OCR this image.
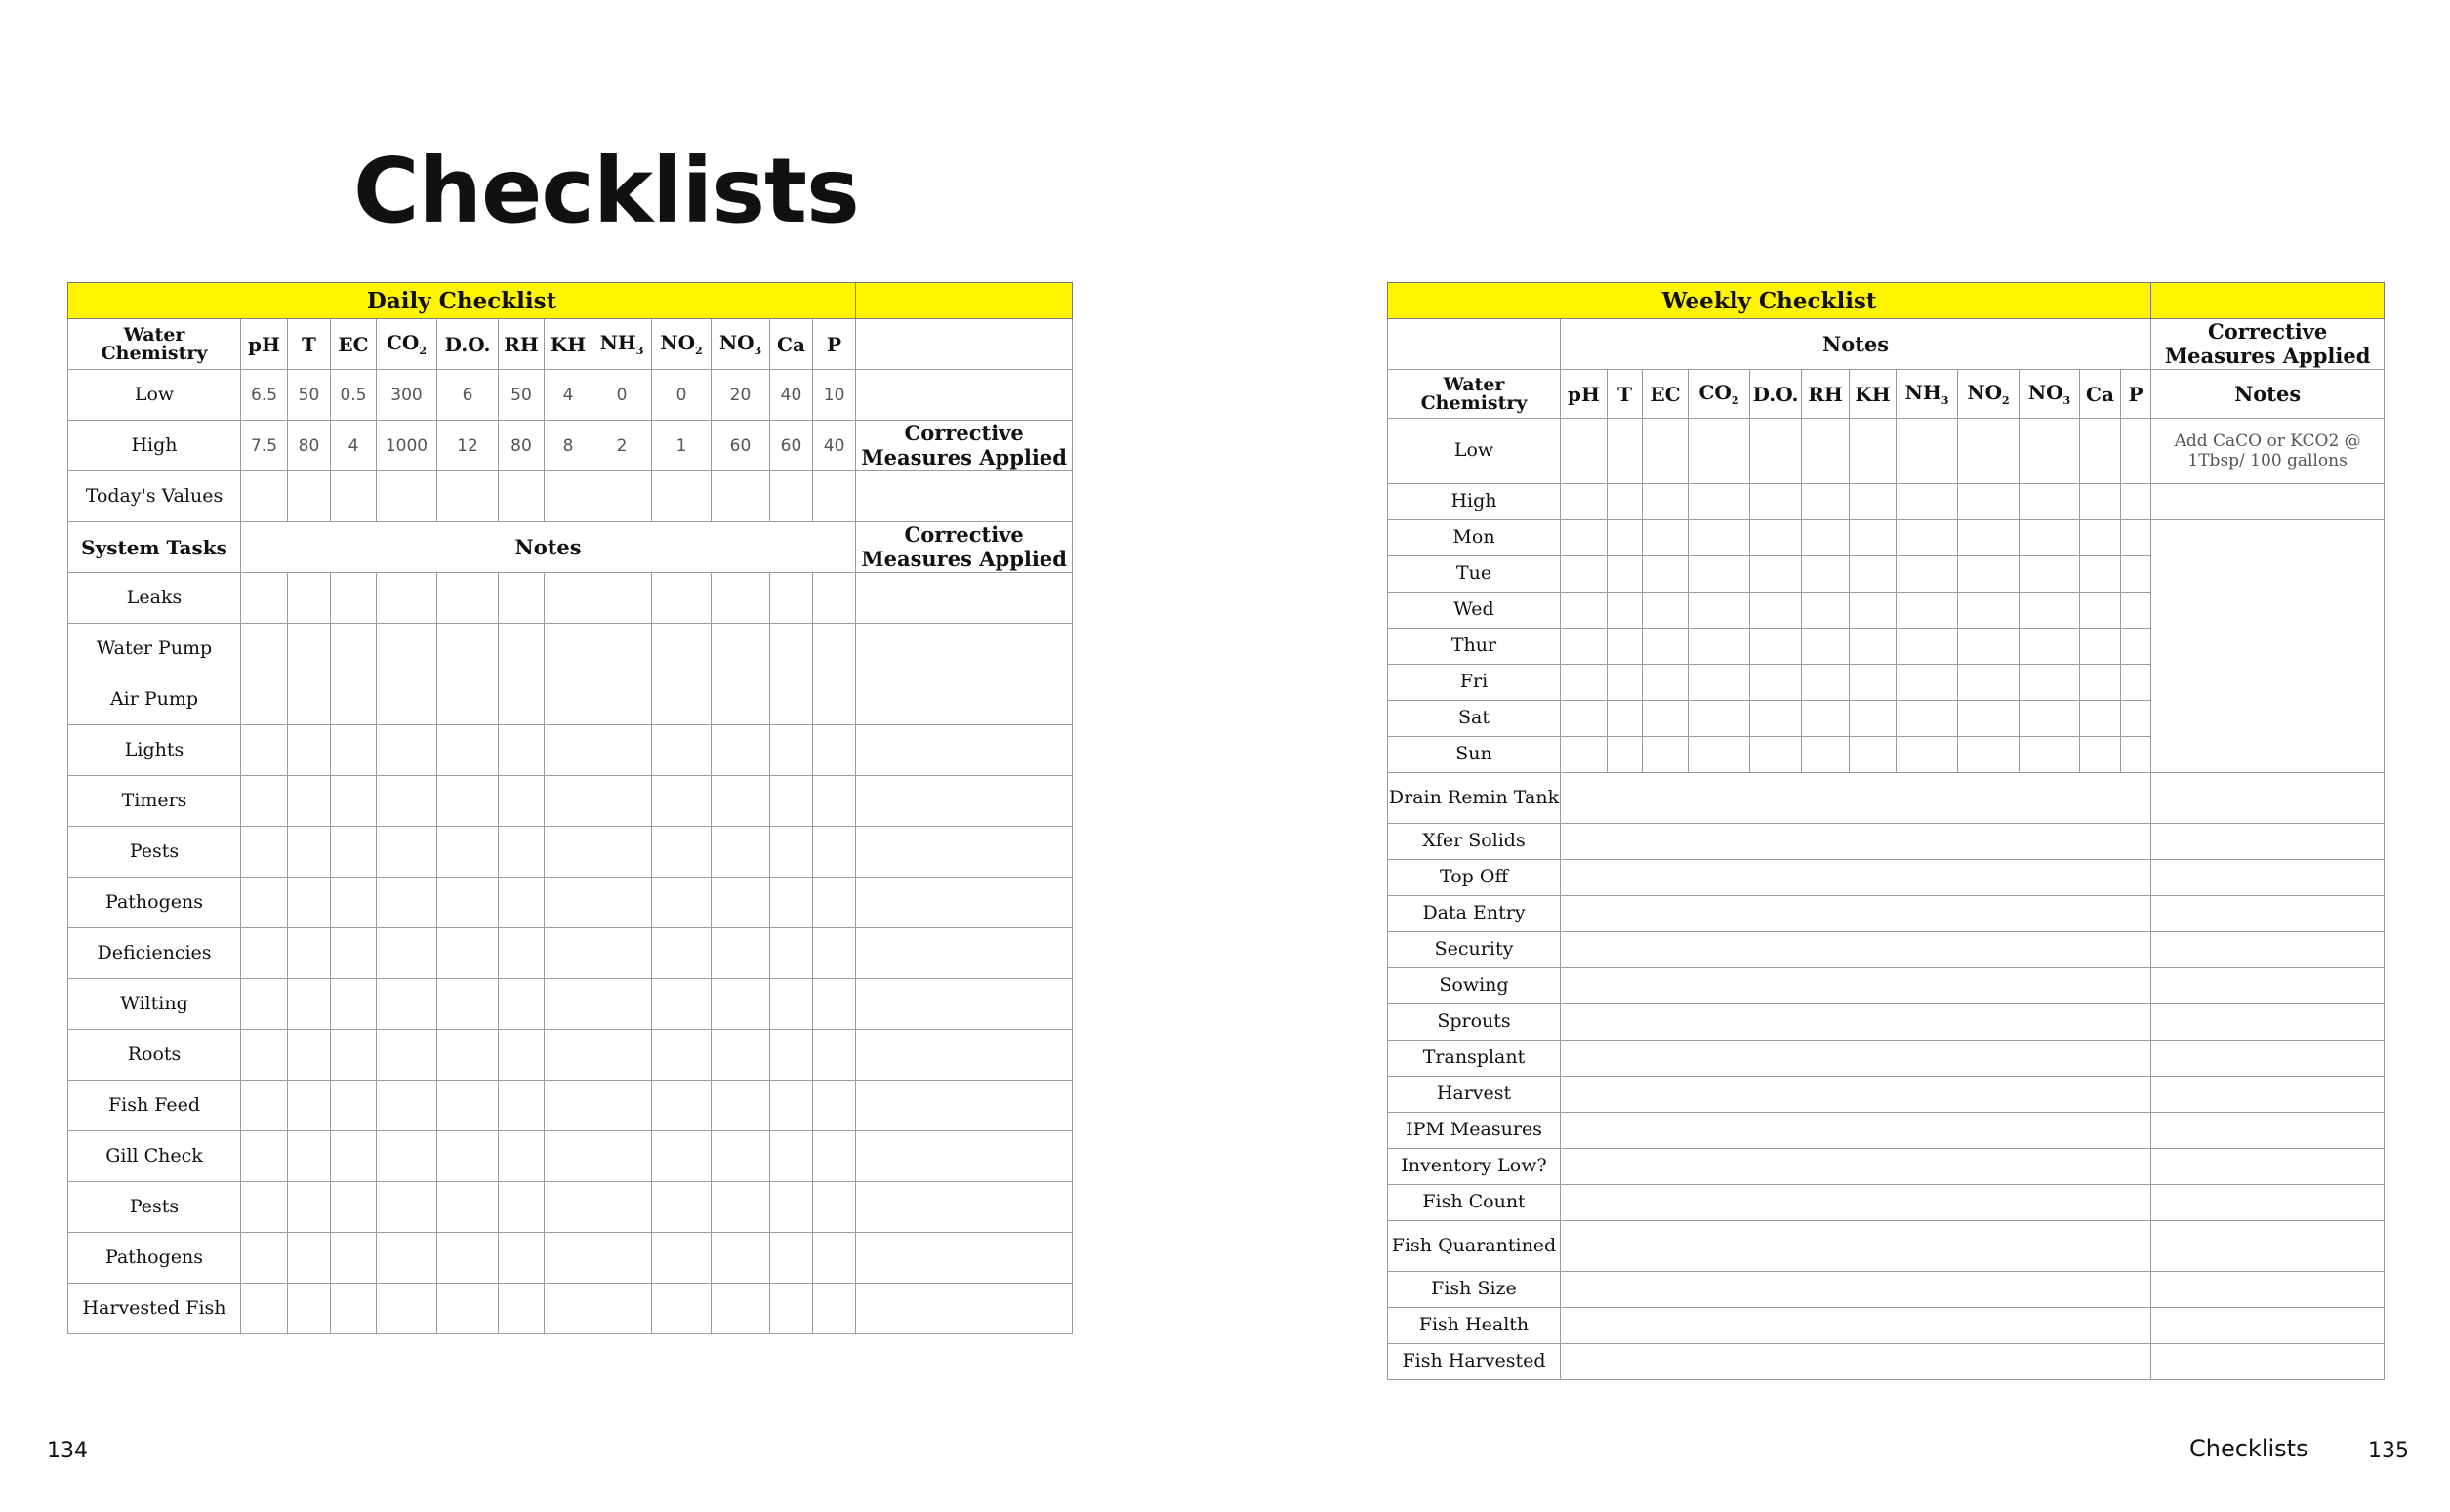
Checklists
Daily Checklist													
Water Chemistry	pH	T	EC	$CO_2$	D.O.	RH	KH	$NH_3$	$NO_2$	$NO_3$	Ca	P	
Low	6.5	50	0.5	300	6	50	4	0	0	20	40	10	
High	7.5	80	4	1000	12	80	8	2	1	60	60	40	Corrective Measures Applied
Today's Values													
System Tasks	Notes												Corrective Measures Applied
Leaks													
Water Pump													
Air Pump													
Lights													
Timers													
Pests													
Pathogens													
Deficiencies													
Wilting													
Roots													
Fish Feed													
Gill Check													
Pests													
Pathogens													
Harvested Fish													
Weekly Checklist													
	Notes												Corrective Measures Applied
Water Chemistry	pH	T	EC	$CO_2$	D.O.	RH	KH	$NH_3$	$NO_2$	$NO_3$	Ca	P	Notes
Low													Add CaCO or KCO2 @ 1Tbsp/ 100 gallons
High													
Mon													
Tue													
Wed													
Thur													
Fri													
Sat													
Sun													
Drain Remin Tank													
Xfer Solids													
Top Off													
Data Entry													
Security													
Sowing													
Sprouts													
Transplant													
Harvest													
IPM Measures													
Inventory Low?													
Fish Count													
Fish Quarantined													
Fish Size													
Fish Health													
Fish Harvested													
134	Checklists	135
